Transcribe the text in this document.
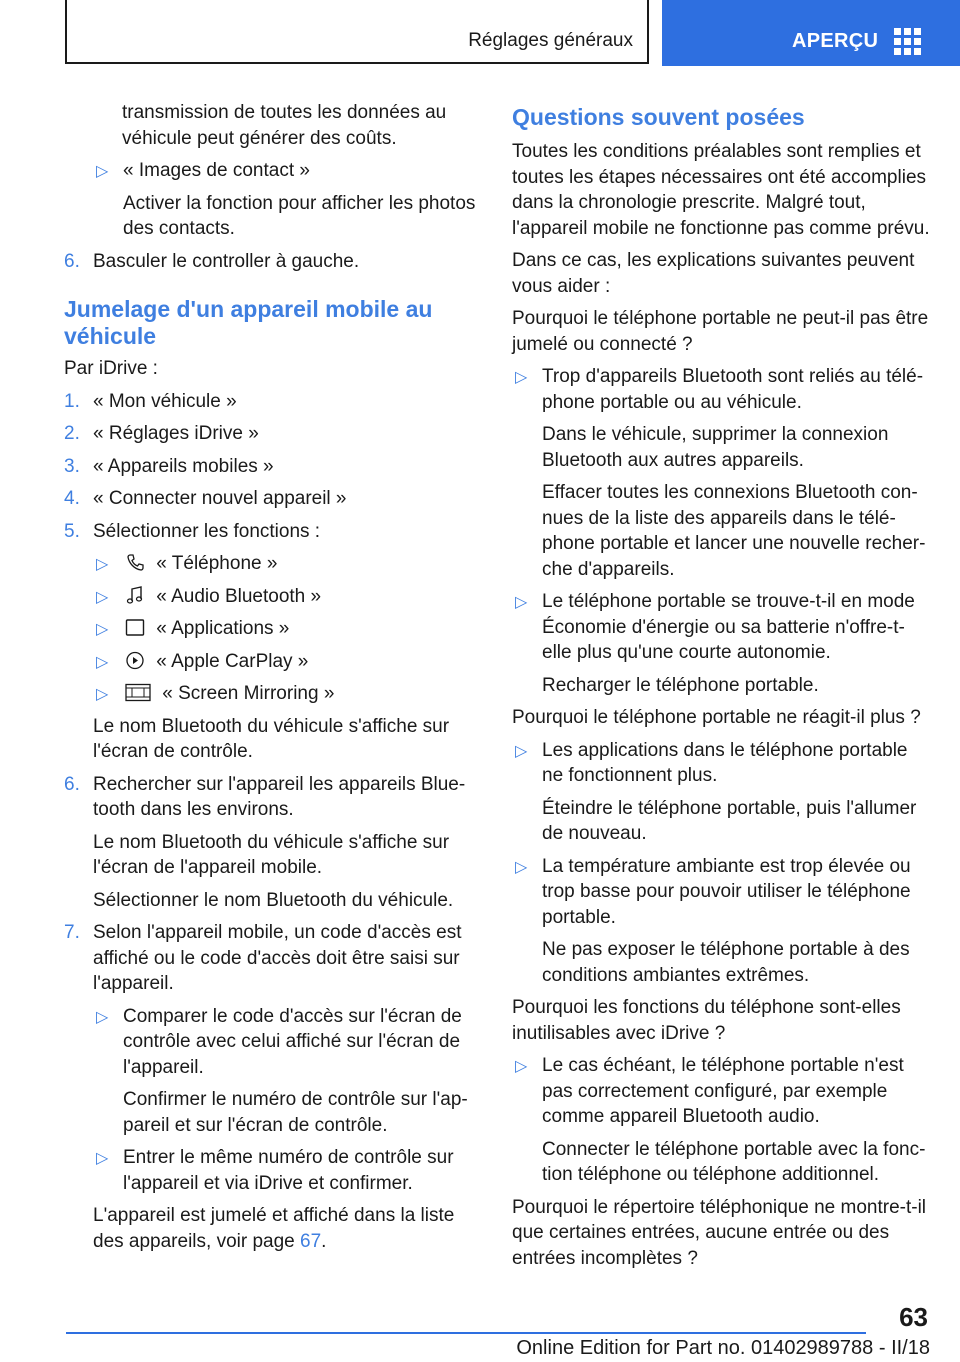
Réglages généraux	APERÇU
transmission de toutes les données au véhicule peut générer des coûts.
▷ « Images de contact »
Activer la fonction pour afficher les photos des contacts.
6. Basculer le controller à gauche.
Jumelage d'un appareil mobile au véhicule
Par iDrive :
1. « Mon véhicule »
2. « Réglages iDrive »
3. « Appareils mobiles »
4. « Connecter nouvel appareil »
5. Sélectionner les fonctions :
▷	« Téléphone »
▷	« Audio Bluetooth »
▷	« Applications »
▷	« Apple CarPlay »
▷	« Screen Mirroring »
Le nom Bluetooth du véhicule s'affiche sur l'écran de contrôle.
6. Rechercher sur l'appareil les appareils Bluetooth dans les environs.
Le nom Bluetooth du véhicule s'affiche sur l'écran de l'appareil mobile.
Sélectionner le nom Bluetooth du véhicule.
7. Selon l'appareil mobile, un code d'accès est affiché ou le code d'accès doit être saisi sur l'appareil.
▷ Comparer le code d'accès sur l'écran de contrôle avec celui affiché sur l'écran de l'appareil.
Confirmer le numéro de contrôle sur l'appareil et sur l'écran de contrôle.
▷ Entrer le même numéro de contrôle sur l'appareil et via iDrive et confirmer.
L'appareil est jumelé et affiché dans la liste des appareils, voir page 67.
Questions souvent posées
Toutes les conditions préalables sont remplies et toutes les étapes nécessaires ont été accomplies dans la chronologie prescrite. Malgré tout, l'appareil mobile ne fonctionne pas comme prévu.
Dans ce cas, les explications suivantes peuvent vous aider :
Pourquoi le téléphone portable ne peut-il pas être jumelé ou connecté ?
▷ Trop d'appareils Bluetooth sont reliés au téléphone portable ou au véhicule.
Dans le véhicule, supprimer la connexion Bluetooth aux autres appareils.
Effacer toutes les connexions Bluetooth connues de la liste des appareils dans le téléphone portable et lancer une nouvelle recherche d'appareils.
▷ Le téléphone portable se trouve-t-il en mode Économie d'énergie ou sa batterie n'offre-t-elle plus qu'une courte autonomie.
Recharger le téléphone portable.
Pourquoi le téléphone portable ne réagit-il plus ?
▷ Les applications dans le téléphone portable ne fonctionnent plus.
Éteindre le téléphone portable, puis l'allumer de nouveau.
▷ La température ambiante est trop élevée ou trop basse pour pouvoir utiliser le téléphone portable.
Ne pas exposer le téléphone portable à des conditions ambiantes extrêmes.
Pourquoi les fonctions du téléphone sont-elles inutilisables avec iDrive ?
▷ Le cas échéant, le téléphone portable n'est pas correctement configuré, par exemple comme appareil Bluetooth audio.
Connecter le téléphone portable avec la fonction téléphone ou téléphone additionnel.
Pourquoi le répertoire téléphonique ne montre-t-il que certaines entrées, aucune entrée ou des entrées incomplètes ?
63
Online Edition for Part no. 01402989788 - II/18
